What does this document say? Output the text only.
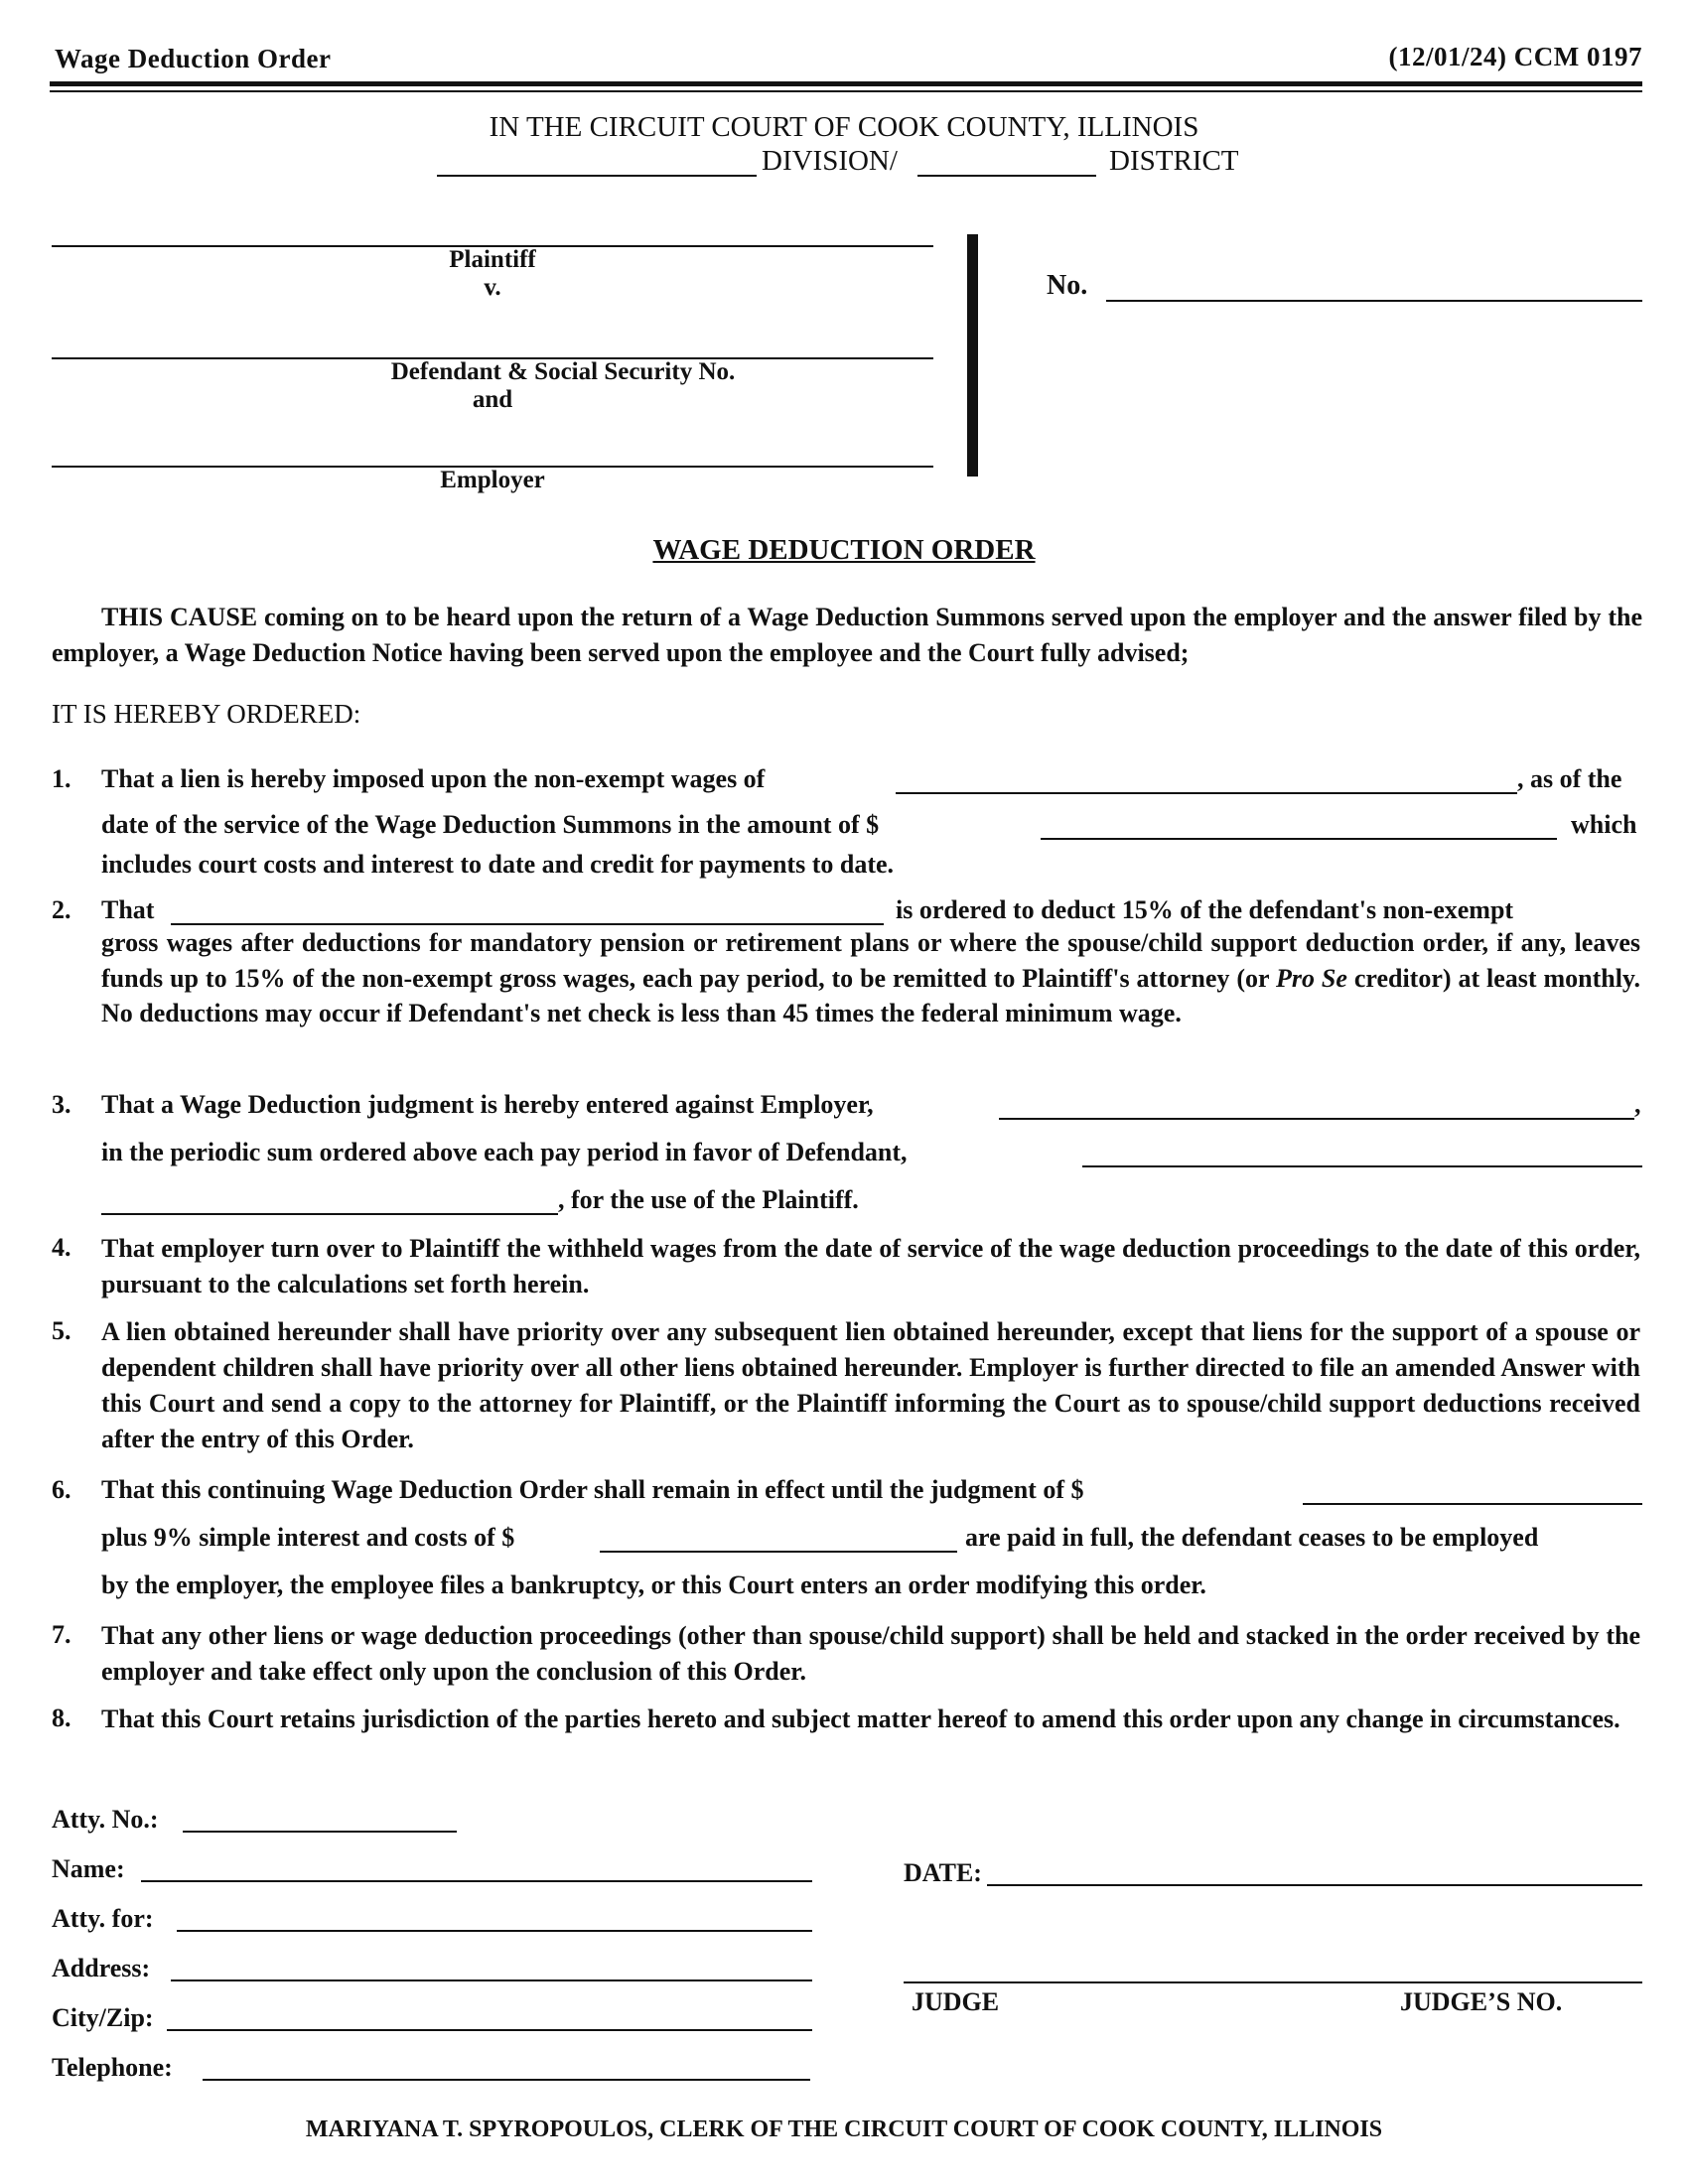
Wage Deduction Order	(12/01/24) CCM 0197
IN THE CIRCUIT COURT OF COOK COUNTY, ILLINOIS
DIVISION/	DISTRICT
Plaintiff
v.
Defendant & Social Security No.
and
Employer
No.
WAGE DEDUCTION ORDER
THIS CAUSE coming on to be heard upon the return of a Wage Deduction Summons served upon the employer and the answer filed by the employer, a Wage Deduction Notice having been served upon the employee and the Court fully advised;
IT IS HEREBY ORDERED:
1. That a lien is hereby imposed upon the non-exempt wages of	, as of the
date of the service of the Wage Deduction Summons in the amount of $	which
includes court costs and interest to date and credit for payments to date.
2. That	is ordered to deduct 15% of the defendant's non-exempt
gross wages after deductions for mandatory pension or retirement plans or where the spouse/child support deduction order, if any, leaves funds up to 15% of the non-exempt gross wages, each pay period, to be remitted to Plaintiff's attorney (or Pro Se creditor) at least monthly. No deductions may occur if Defendant's net check is less than 45 times the federal minimum wage.
3. That a Wage Deduction judgment is hereby entered against Employer,	,
in the periodic sum ordered above each pay period in favor of Defendant,
, for the use of the Plaintiff.
4. That employer turn over to Plaintiff the withheld wages from the date of service of the wage deduction proceedings to the date of this order, pursuant to the calculations set forth herein.
5. A lien obtained hereunder shall have priority over any subsequent lien obtained hereunder, except that liens for the support of a spouse or dependent children shall have priority over all other liens obtained hereunder. Employer is further directed to file an amended Answer with this Court and send a copy to the attorney for Plaintiff, or the Plaintiff informing the Court as to spouse/child support deductions received after the entry of this Order.
6. That this continuing Wage Deduction Order shall remain in effect until the judgment of $
plus 9% simple interest and costs of $	are paid in full, the defendant ceases to be employed
by the employer, the employee files a bankruptcy, or this Court enters an order modifying this order.
7. That any other liens or wage deduction proceedings (other than spouse/child support) shall be held and stacked in the order received by the employer and take effect only upon the conclusion of this Order.
8. That this Court retains jurisdiction of the parties hereto and subject matter hereof to amend this order upon any change in circumstances.
Atty. No.:
Name:
Atty. for:
Address:
City/Zip:
Telephone:
DATE:
JUDGE	JUDGE’S NO.
MARIYANA T. SPYROPOULOS, CLERK OF THE CIRCUIT COURT OF COOK COUNTY, ILLINOIS
